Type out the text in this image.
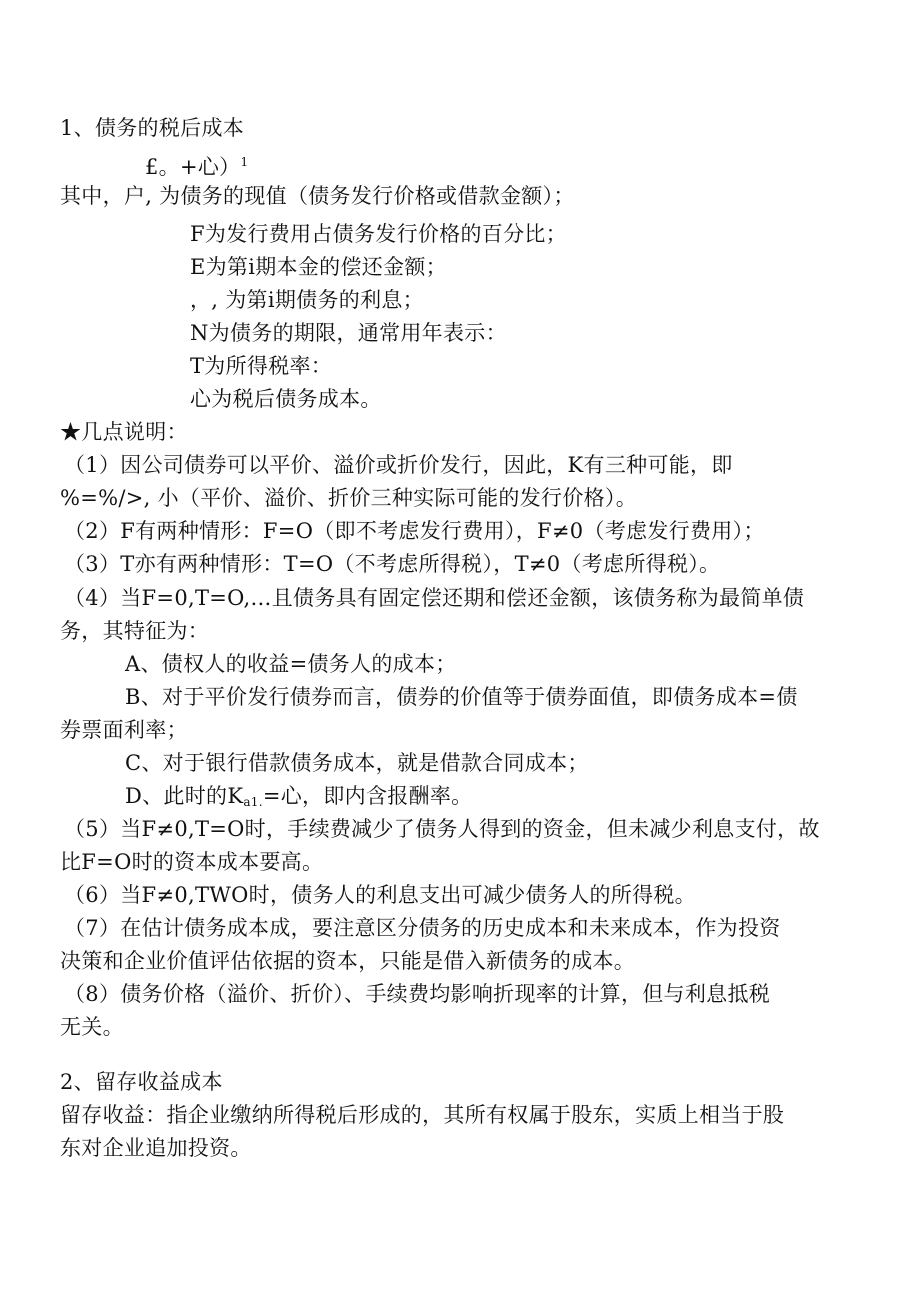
1、债务的税后成本
£。+心）$^1$
其中，户, 为债务的现值（债务发行价格或借款金额）；
F为发行费用占债务发行价格的百分比；
E为第i期本金的偿还金额；
，, 为第i期债务的利息；
N为债务的期限，通常用年表示：
T为所得税率：
心为税后债务成本。
★几点说明：
（1）因公司债券可以平价、溢价或折价发行，因此，K有三种可能，即
%=%/>, 小（平价、溢价、折价三种实际可能的发行价格）。
（2）F有两种情形：F=O（即不考虑发行费用），F≠0（考虑发行费用）；
（3）T亦有两种情形：T=O（不考虑所得税），T≠0（考虑所得税）。
（4）当F=0,T=O,…且债务具有固定偿还期和偿还金额，该债务称为最简单债
务，其特征为：
A、债权人的收益=债务人的成本；
B、对于平价发行债券而言，债券的价值等于债券面值，即债务成本=债
券票面利率；
C、对于银行借款债务成本，就是借款合同成本；
D、此时的$K_{a1.}=$心，即内含报酬率。
（5）当F≠0,T=O时，手续费减少了债务人得到的资金，但未减少利息支付，故
比F=O时的资本成本要高。
（6）当F≠0,TWO时，债务人的利息支出可减少债务人的所得税。
（7）在估计债务成本成，要注意区分债务的历史成本和未来成本，作为投资
决策和企业价值评估依据的资本，只能是借入新债务的成本。
（8）债务价格（溢价、折价）、手续费均影响折现率的计算，但与利息抵税
无关。
2、留存收益成本
留存收益：指企业缴纳所得税后形成的，其所有权属于股东，实质上相当于股
东对企业追加投资。
